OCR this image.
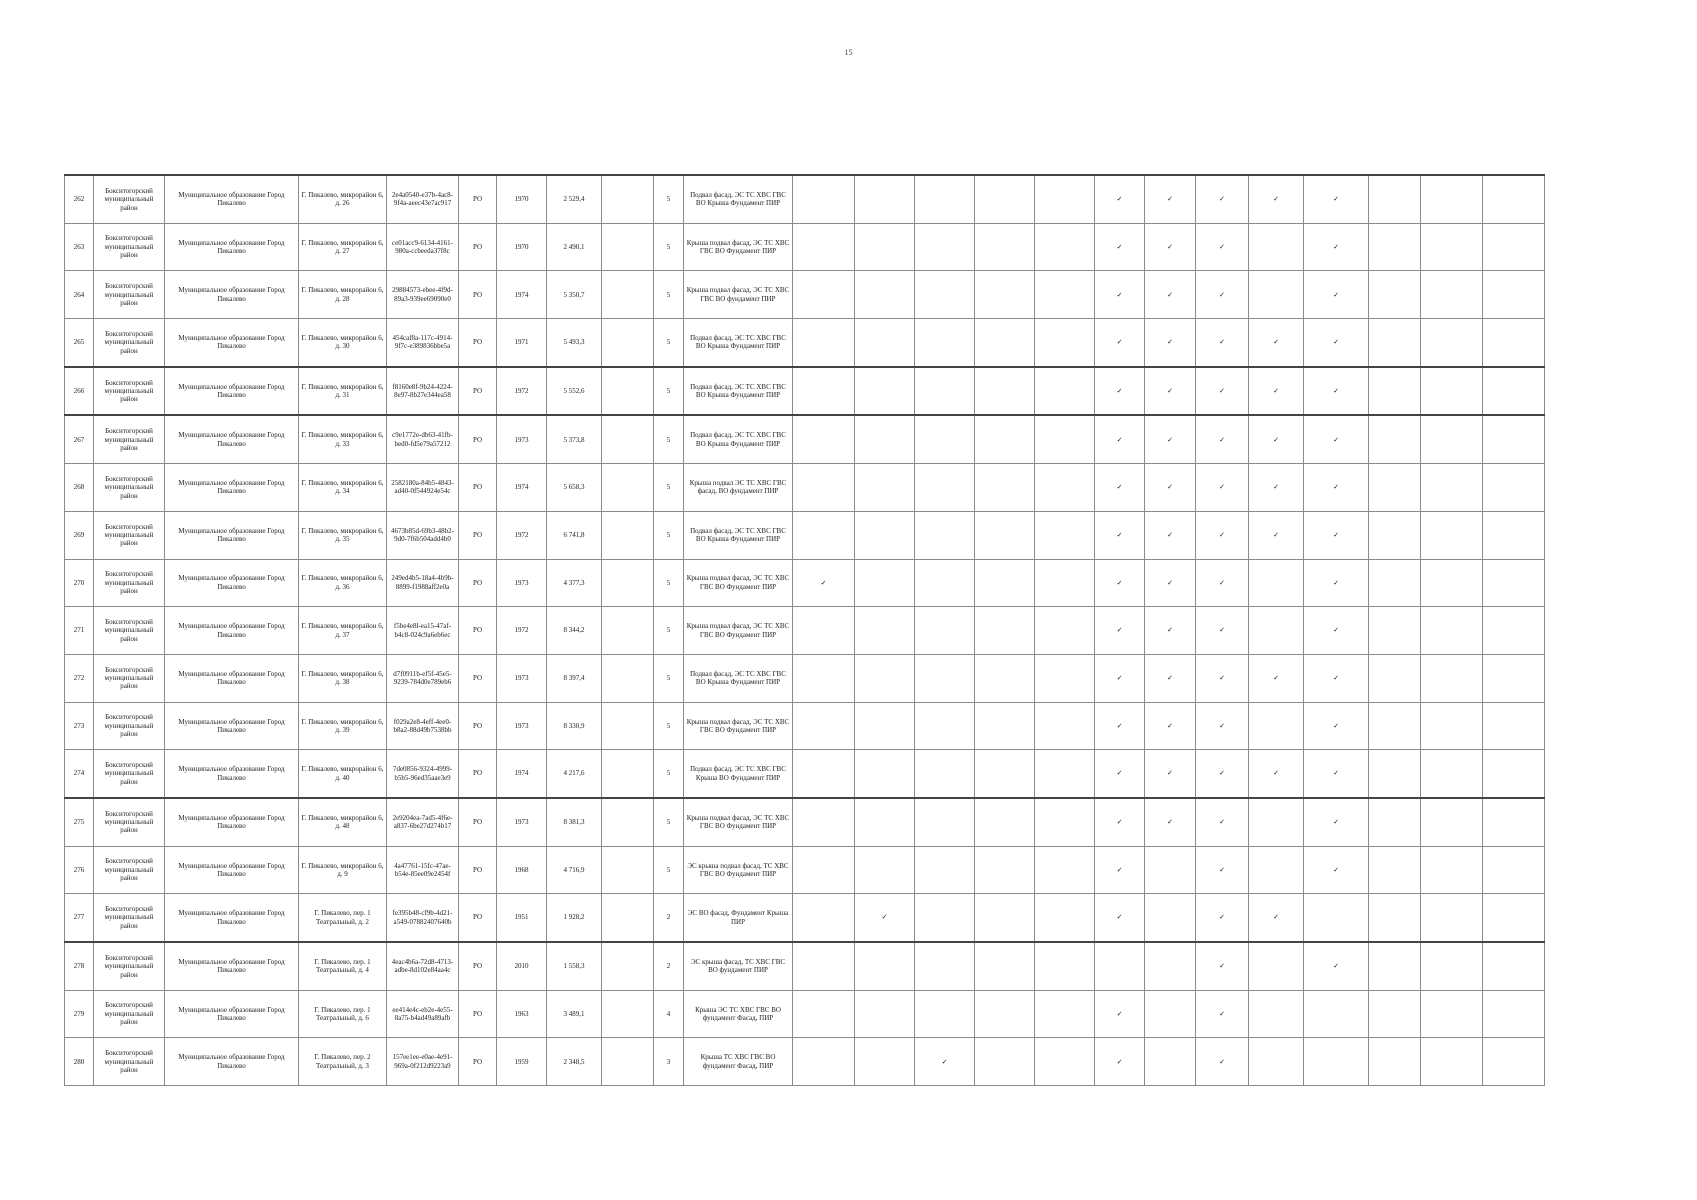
15
262	Бокситогорский муниципальный район	Муниципальное образование Город Пикалево	Г. Пикалево, микрорайон 6, д. 26	2e4a0540-e37b-4ac8-9f4a-aeec43e7ac917	РО	1970	2 529,4		5	Подвал фасад, ЭС ТС ХВС ГВС ВО Крыша Фундамент ПИР						✓	✓	✓	✓	✓			
263	Бокситогорский муниципальный район	Муниципальное образование Город Пикалево	Г. Пикалево, микрорайон 6, д. 27	ce01acc9-6134-4161-980a-ccbeeda37f8c	РО	1970	2 490,1		5	Крыша подвал фасад, ЭС ТС ХВС ГВС ВО Фундамент ПИР						✓	✓	✓		✓			
264	Бокситогорский муниципальный район	Муниципальное образование Город Пикалево	Г. Пикалево, микрорайон 6, д. 28	29884573-ebee-4f9d-89a3-939ee69090e0	РО	1974	5 350,7		5	Крыша подвал фасад, ЭС ТС ХВС ГВС ВО фундамент ПИР						✓	✓	✓		✓			
265	Бокситогорский муниципальный район	Муниципальное образование Город Пикалево	Г. Пикалево, микрорайон 6, д. 30	454caf8a-117c-4914-9f7c-e389836bbe5a	РО	1971	5 493,3		5	Подвал фасад, ЭС ТС ХВС ГВС ВО Крыша Фундамент ПИР						✓	✓	✓	✓	✓			
266	Бокситогорский муниципальный район	Муниципальное образование Город Пикалево	Г. Пикалево, микрорайон 6, д. 31	f8160e8f-9b24-4224-8e97-8b27e344ea58	РО	1972	5 552,6		5	Подвал фасад, ЭС ТС ХВС ГВС ВО Крыша Фундамент ПИР						✓	✓	✓	✓	✓			
267	Бокситогорский муниципальный район	Муниципальное образование Город Пикалево	Г. Пикалево, микрорайон 6, д. 33	c9e1772e-db63-41fb-bed0-fd5e79a57212	РО	1973	5 373,8		5	Подвал фасад, ЭС ТС ХВС ГВС ВО Крыша Фундамент ПИР						✓	✓	✓	✓	✓			
268	Бокситогорский муниципальный район	Муниципальное образование Город Пикалево	Г. Пикалево, микрорайон 6, д. 34	2582180a-84b5-4843-ad40-0f544924e54c	РО	1974	5 658,3		5	Крыша подвал ЭС ТС ХВС ГВС фасад, ВО фундамент ПИР						✓	✓	✓	✓	✓			
269	Бокситогорский муниципальный район	Муниципальное образование Город Пикалево	Г. Пикалево, микрорайон 6, д. 35	4673b85d-69b3-48b2-9d0-7f6b504add4b0	РО	1972	6 741,8		5	Подвал фасад, ЭС ТС ХВС ГВС ВО Крыша Фундамент ПИР						✓	✓	✓	✓	✓			
270	Бокситогорский муниципальный район	Муниципальное образование Город Пикалево	Г. Пикалево, микрорайон 6, д. 36	249ed4b5-18a4-4b9b-8899-f1988aff2e0a	РО	1973	4 377,3		5	Крыша подвал фасад, ЭС ТС ХВС ГВС ВО Фундамент ПИР	✓					✓	✓	✓		✓			
271	Бокситогорский муниципальный район	Муниципальное образование Город Пикалево	Г. Пикалево, микрорайон 6, д. 37	f5be4e8l-ea15-47af-b4c8-024c9a6eb6ec	РО	1972	8 344,2		5	Крыша подвал фасад, ЭС ТС ХВС ГВС ВО Фундамент ПИР						✓	✓	✓		✓			
272	Бокситогорский муниципальный район	Муниципальное образование Город Пикалево	Г. Пикалево, микрорайон 6, д. 38	d7f0911b-ef5f-45e5-9239-784d0e789eb6	РО	1973	8 397,4		5	Подвал фасад, ЭС ТС ХВС ГВС ВО Крыша Фундамент ПИР						✓	✓	✓	✓	✓			
273	Бокситогорский муниципальный район	Муниципальное образование Город Пикалево	Г. Пикалево, микрорайон 6, д. 39	f029a2e8-4eff-4ee0-b8a2-88d49b7538bb	РО	1973	8 330,9		5	Крыша подвал фасад, ЭС ТС ХВС ГВС ВО Фундамент ПИР						✓	✓	✓		✓			
274	Бокситогорский муниципальный район	Муниципальное образование Город Пикалево	Г. Пикалево, микрорайон 6, д. 40	7de0856-9324-4999-b5b5-96ed35aae3e9	РО	1974	4 217,6		5	Подвал фасад, ЭС ТС ХВС ГВС Крыша ВО Фундамент ПИР						✓	✓	✓	✓	✓			
275	Бокситогорский муниципальный район	Муниципальное образование Город Пикалево	Г. Пикалево, микрорайон 6, д. 48	2e9204ea-7ad5-4f6e-a837-6be27d274b17	РО	1973	8 381,3		5	Крыша подвал фасад, ЭС ТС ХВС ГВС ВО Фундамент ПИР						✓	✓	✓		✓			
276	Бокситогорский муниципальный район	Муниципальное образование Город Пикалево	Г. Пикалево, микрорайон 6, д. 9	4a47761-15fc-47ae-b54e-85ee09e2454f	РО	1968	4 716,9		5	ЭС крыша подвал фасад, ТС ХВС ГВС ВО Фундамент ПИР						✓		✓		✓			
277	Бокситогорский муниципальный район	Муниципальное образование Город Пикалево	Г. Пикалево, пер. 1 Театральный, д. 2	fe395b48-cf9b-4d21-a549-07882407640b	РО	1951	1 928,2		2	ЭС ВО фасад, Фундамент Крыша ПИР		✓				✓		✓	✓				
278	Бокситогорский муниципальный район	Муниципальное образование Город Пикалево	Г. Пикалево, пер. 1 Театральный, д. 4	4eac4b6a-72d8-4713-adbe-8d102e84aa4c	РО	2010	1 558,3		2	ЭС крыша фасад, ТС ХВС ГВС ВО фундамент ПИР								✓		✓			
279	Бокситогорский муниципальный район	Муниципальное образование Город Пикалево	Г. Пикалево, пер. 1 Театральный, д. 6	ee414e4c-eb2e-4e55-8a75-b4ad49a89afb	РО	1963	3 489,1		4	Крыша ЭС ТС ХВС ГВС ВО фундамент Фасад, ПИР						✓		✓					
280	Бокситогорский муниципальный район	Муниципальное образование Город Пикалево	Г. Пикалево, пер. 2 Театральный, д. 3	157ee1ee-e0ae-4e91-969a-0f212d9223a9	РО	1959	2 348,5		3	Крыша ТС ХВС ГВС ВО фундамент Фасад, ПИР			✓			✓		✓					
